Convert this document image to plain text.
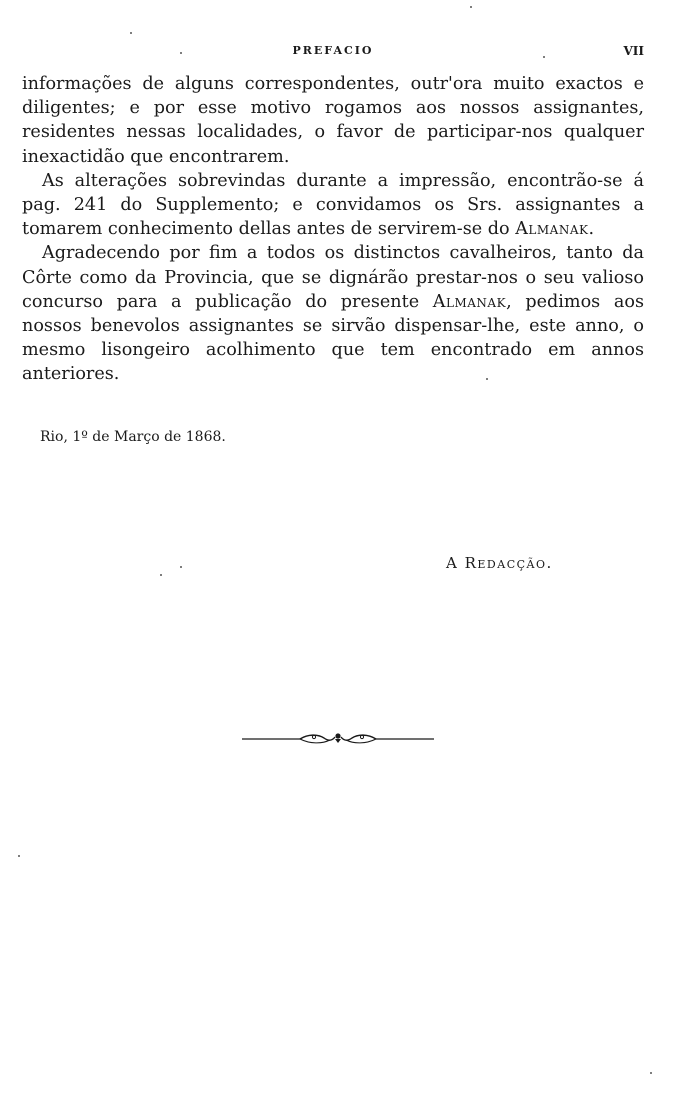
PREFACIO	VII

informações de alguns correspondentes, outr'ora muito exactos e diligentes; e por esse motivo rogamos aos nossos assignantes, residentes nessas localidades, o favor de participar-nos qualquer inexactidão que encontrarem.

As alterações sobrevindas durante a impressão, encontrão-se á pag. 241 do Supplemento; e convidamos os Srs. assignantes a tomarem conhecimento dellas antes de servirem-se do Almanak.

Agradecendo por fim a todos os distinctos cavalheiros, tanto da Côrte como da Provincia, que se dignárão prestar-nos o seu valioso concurso para a publicação do presente Almanak, pedimos aos nossos benevolos assignantes se sirvão dispensar-lhe, este anno, o mesmo lisongeiro acolhimento que tem encontrado em annos anteriores.

Rio, 1º de Março de 1868.
A Redacção.
